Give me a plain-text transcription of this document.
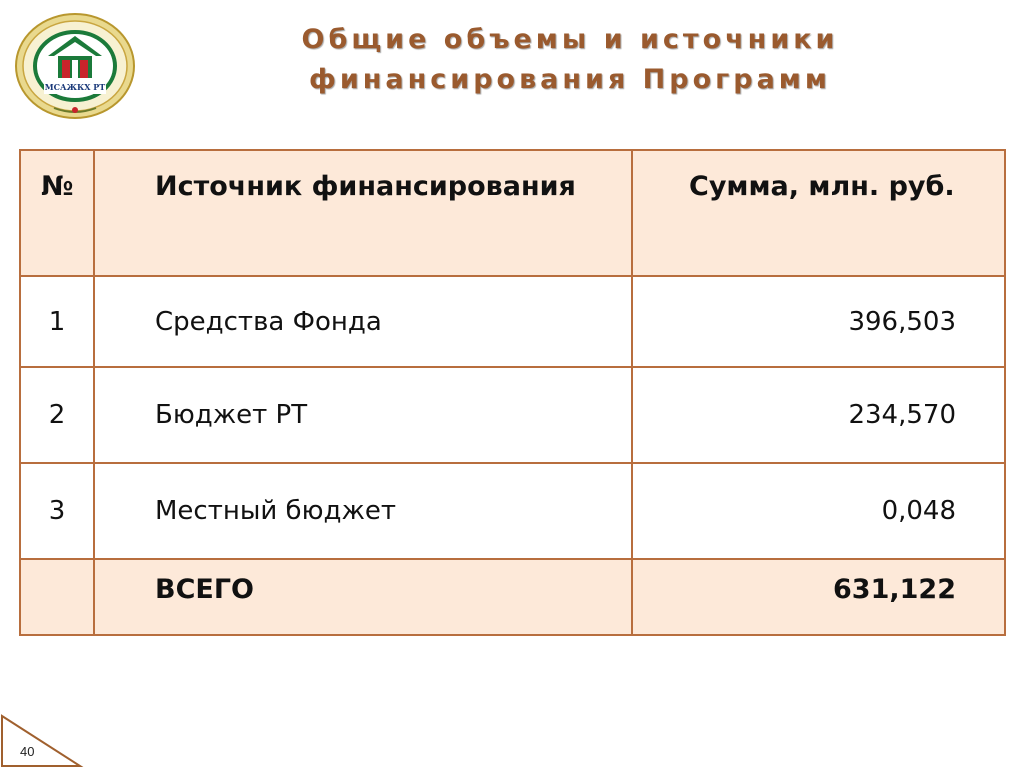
МСАЖКХ РТ
Общие объемы и источники
финансирования Программ
№	Источник финансирования	Сумма, млн. руб.
1	Средства Фонда	396,503
2	Бюджет РТ	234,570
3	Местный бюджет	0,048
	ВСЕГО	631,122
40
